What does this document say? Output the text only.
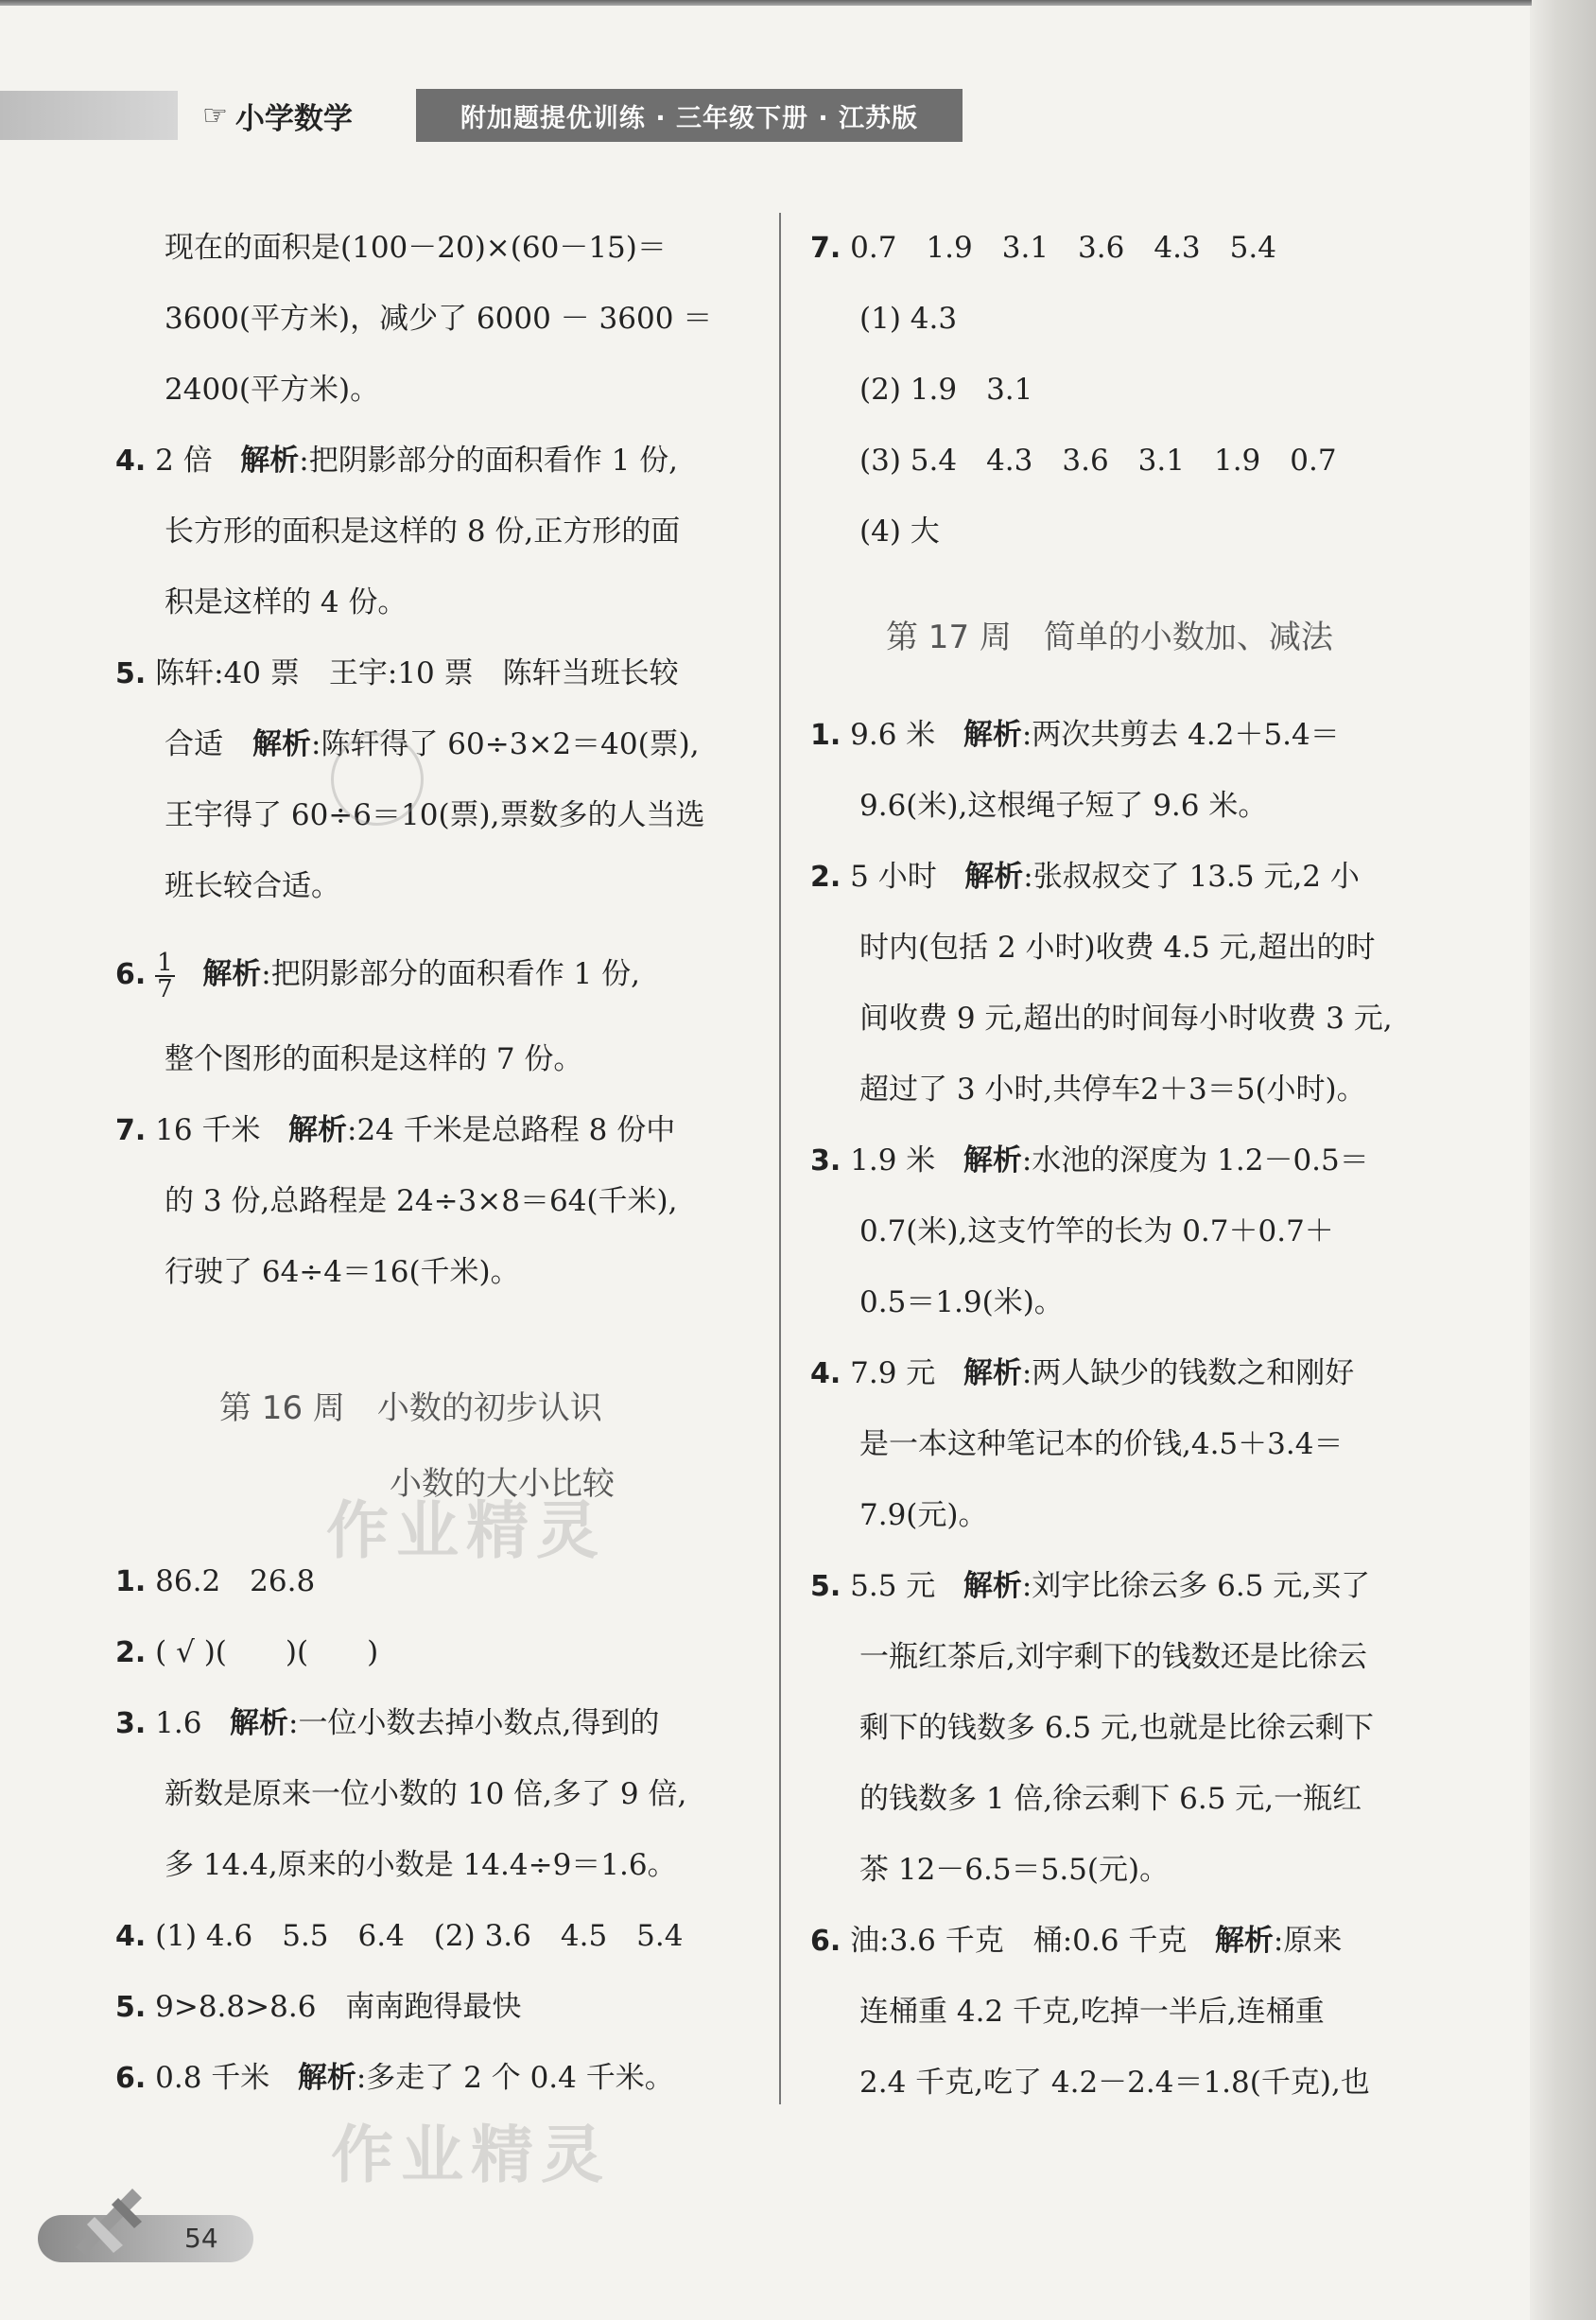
☞ 小学数学	附加题提优训练 · 三年级下册 · 江苏版
现在的面积是(100－20)×(60－15)＝
3600(平方米)，减少了 6000 － 3600 ＝
2400(平方米)。
4. 2 倍 解析:把阴影部分的面积看作 1 份,
长方形的面积是这样的 8 份,正方形的面
积是这样的 4 份。
5. 陈轩:40 票　王宇:10 票　陈轩当班长较
合适　解析:陈轩得了 60÷3×2＝40(票),
王宇得了 60÷6＝10(票),票数多的人当选
班长较合适。
6. $\frac{1}{7}$ 解析:把阴影部分的面积看作 1 份,
整个图形的面积是这样的 7 份。
7. 16 千米 解析:24 千米是总路程 8 份中
的 3 份,总路程是 24÷3×8＝64(千米),
行驶了 64÷4＝16(千米)。
第 16 周　小数的初步认识
小数的大小比较
1. 86.2　26.8
2. ( √ )(　　)(　　)
3. 1.6 解析:一位小数去掉小数点,得到的
新数是原来一位小数的 10 倍,多了 9 倍,
多 14.4,原来的小数是 14.4÷9＝1.6。
4. (1) 4.6　5.5　6.4　(2) 3.6　4.5　5.4
5. 9>8.8>8.6　南南跑得最快
6. 0.8 千米 解析:多走了 2 个 0.4 千米。
7. 0.7　1.9　3.1　3.6　4.3　5.4
(1) 4.3
(2) 1.9　3.1
(3) 5.4　4.3　3.6　3.1　1.9　0.7
(4) 大
第 17 周　简单的小数加、减法
1. 9.6 米 解析:两次共剪去 4.2＋5.4＝
9.6(米),这根绳子短了 9.6 米。
2. 5 小时 解析:张叔叔交了 13.5 元,2 小
时内(包括 2 小时)收费 4.5 元,超出的时
间收费 9 元,超出的时间每小时收费 3 元,
超过了 3 小时,共停车2＋3＝5(小时)。
3. 1.9 米 解析:水池的深度为 1.2－0.5＝
0.7(米),这支竹竿的长为 0.7＋0.7＋
0.5＝1.9(米)。
4. 7.9 元 解析:两人缺少的钱数之和刚好
是一本这种笔记本的价钱,4.5＋3.4＝
7.9(元)。
5. 5.5 元 解析:刘宇比徐云多 6.5 元,买了
一瓶红茶后,刘宇剩下的钱数还是比徐云
剩下的钱数多 6.5 元,也就是比徐云剩下
的钱数多 1 倍,徐云剩下 6.5 元,一瓶红
茶 12－6.5＝5.5(元)。
6. 油:3.6 千克　桶:0.6 千克 解析:原来
连桶重 4.2 千克,吃掉一半后,连桶重
2.4 千克,吃了 4.2－2.4＝1.8(千克),也
作业精灵
作业精灵
54
